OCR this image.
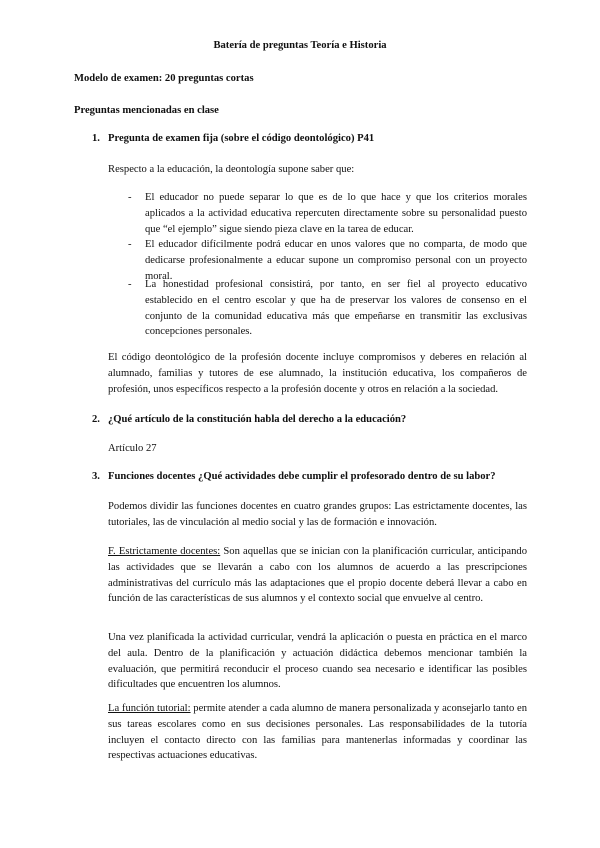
Batería de preguntas Teoría e Historia
Modelo de examen: 20 preguntas cortas
Preguntas mencionadas en clase
1. Pregunta de examen fija (sobre el código deontológico) P41
Respecto a la educación, la deontología supone saber que:
- El educador no puede separar lo que es de lo que hace y que los criterios morales aplicados a la actividad educativa repercuten directamente sobre su personalidad puesto que “el ejemplo” sigue siendo pieza clave en la tarea de educar.
- El educador difícilmente podrá educar en unos valores que no comparta, de modo que dedicarse profesionalmente a educar supone un compromiso personal con un proyecto moral.
- La honestidad profesional consistirá, por tanto, en ser fiel al proyecto educativo establecido en el centro escolar y que ha de preservar los valores de consenso en el conjunto de la comunidad educativa más que empeñarse en transmitir las exclusivas concepciones personales.
El código deontológico de la profesión docente incluye compromisos y deberes en relación al alumnado, familias y tutores de ese alumnado, la institución educativa, los compañeros de profesión, unos específicos respecto a la profesión docente y otros en relación a la sociedad.
2. ¿Qué artículo de la constitución habla del derecho a la educación?
Artículo 27
3. Funciones docentes ¿Qué actividades debe cumplir el profesorado dentro de su labor?
Podemos dividir las funciones docentes en cuatro grandes grupos: Las estrictamente docentes, las tutoriales, las de vinculación al medio social y las de formación e innovación.
F. Estrictamente docentes: Son aquellas que se inician con la planificación curricular, anticipando las actividades que se llevarán a cabo con los alumnos de acuerdo a las prescripciones administrativas del currículo más las adaptaciones que el propio docente deberá llevar a cabo en función de las características de sus alumnos y el contexto social que envuelve al centro.
Una vez planificada la actividad curricular, vendrá la aplicación o puesta en práctica en el marco del aula. Dentro de la planificación y actuación didáctica debemos mencionar también la evaluación, que permitirá reconducir el proceso cuando sea necesario e identificar las posibles dificultades que encuentren los alumnos.
La función tutorial: permite atender a cada alumno de manera personalizada y aconsejarlo tanto en sus tareas escolares como en sus decisiones personales. Las responsabilidades de la tutoría incluyen el contacto directo con las familias para mantenerlas informadas y coordinar las respectivas actuaciones educativas.
